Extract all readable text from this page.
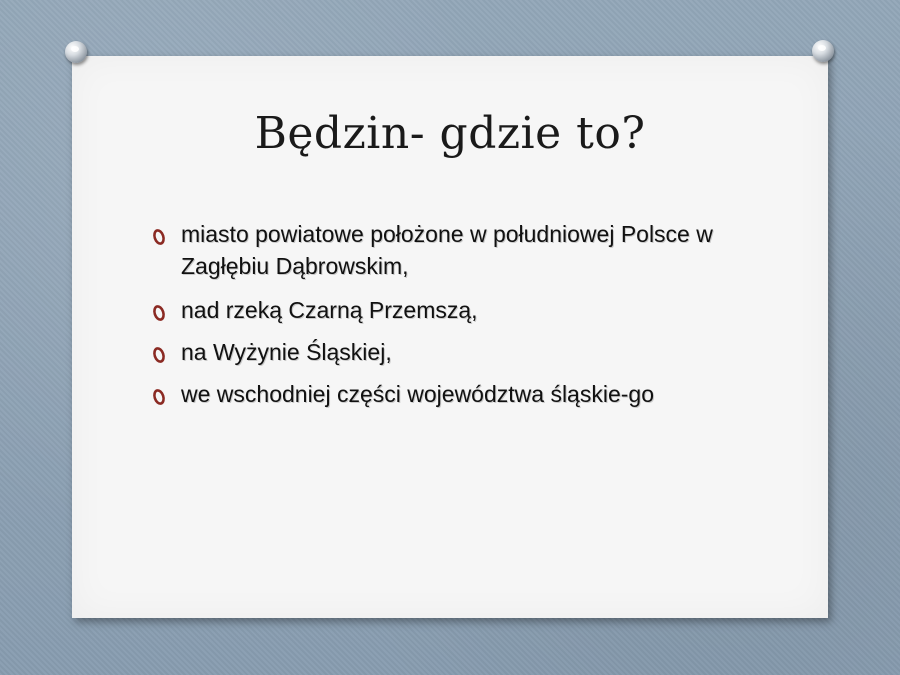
Będzin- gdzie to?
miasto powiatowe położone w południowej Polsce w Zagłębiu Dąbrowskim,
nad rzeką Czarną Przemszą,
na Wyżynie Śląskiej,
we wschodniej części województwa śląskie-go
